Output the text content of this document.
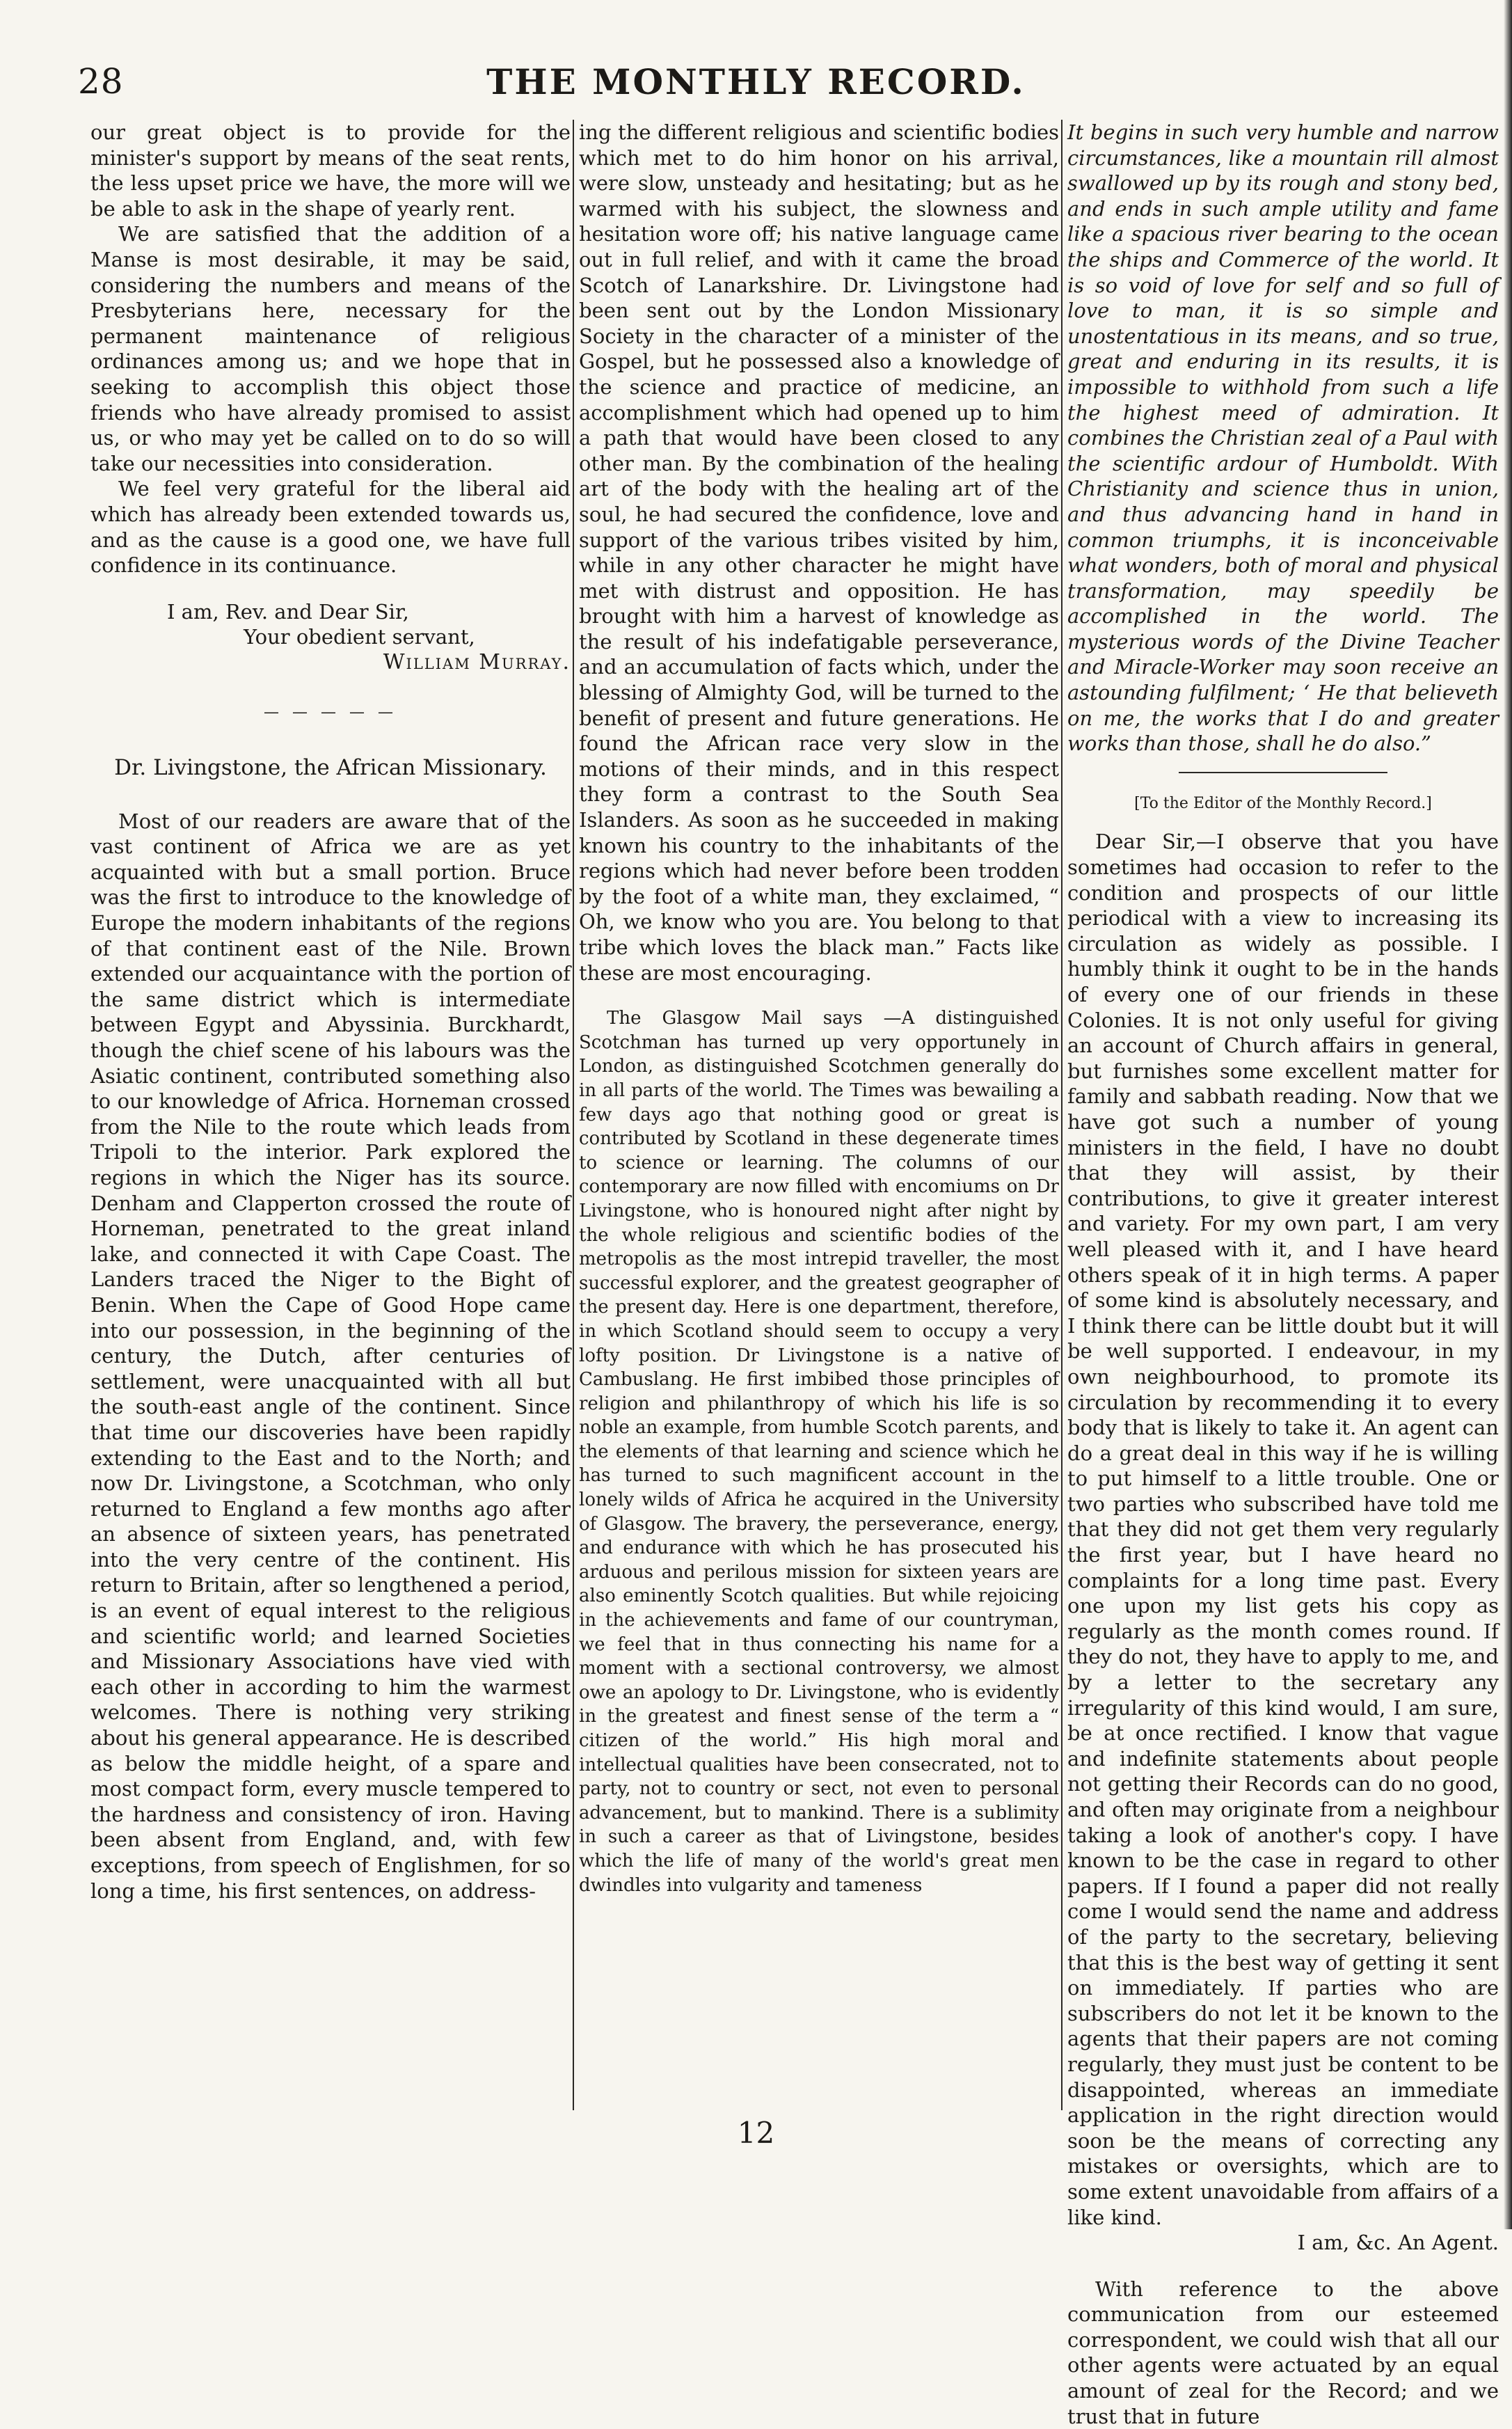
28	THE MONTHLY RECORD.

our great object is to provide for the minister's support by means of the seat rents, the less upset price we have, the more will we be able to ask in the shape of yearly rent.

We are satisfied that the addition of a Manse is most desirable, it may be said, considering the numbers and means of the Presbyterians here, necessary for the permanent maintenance of religious ordinances among us; and we hope that in seeking to accomplish this object those friends who have already promised to assist us, or who may yet be called on to do so will take our necessities into consideration.

We feel very grateful for the liberal aid which has already been extended towards us, and as the cause is a good one, we have full confidence in its continuance.

I am, Rev. and Dear Sir,

Your obedient servant,

William Murray.

— — — — —

Dr. Livingstone, the African Missionary.

Most of our readers are aware that of the vast continent of Africa we are as yet acquainted with but a small portion. Bruce was the first to introduce to the knowledge of Europe the modern inhabitants of the regions of that continent east of the Nile. Brown extended our acquaintance with the portion of the same district which is intermediate between Egypt and Abyssinia. Burckhardt, though the chief scene of his labours was the Asiatic continent, contributed something also to our knowledge of Africa. Horneman crossed from the Nile to the route which leads from Tripoli to the interior. Park explored the regions in which the Niger has its source. Denham and Clapperton crossed the route of Horneman, penetrated to the great inland lake, and connected it with Cape Coast. The Landers traced the Niger to the Bight of Benin. When the Cape of Good Hope came into our possession, in the beginning of the century, the Dutch, after centuries of settlement, were unacquainted with all but the south-east angle of the continent. Since that time our discoveries have been rapidly extending to the East and to the North; and now Dr. Livingstone, a Scotchman, who only returned to England a few months ago after an absence of sixteen years, has penetrated into the very centre of the continent. His return to Britain, after so lengthened a period, is an event of equal interest to the religious and scientific world; and learned Societies and Missionary Associations have vied with each other in according to him the warmest welcomes. There is nothing very striking about his general appearance. He is described as below the middle height, of a spare and most compact form, every muscle tempered to the hardness and consistency of iron. Having been absent from England, and, with few exceptions, from speech of Englishmen, for so long a time, his first sentences, on address-

ing the different religious and scientific bodies which met to do him honor on his arrival, were slow, unsteady and hesitating; but as he warmed with his subject, the slowness and hesitation wore off; his native language came out in full relief, and with it came the broad Scotch of Lanarkshire. Dr. Livingstone had been sent out by the London Missionary Society in the character of a minister of the Gospel, but he possessed also a knowledge of the science and practice of medicine, an accomplishment which had opened up to him a path that would have been closed to any other man. By the combination of the healing art of the body with the healing art of the soul, he had secured the confidence, love and support of the various tribes visited by him, while in any other character he might have met with distrust and opposition. He has brought with him a harvest of knowledge as the result of his indefatigable perseverance, and an accumulation of facts which, under the blessing of Almighty God, will be turned to the benefit of present and future generations. He found the African race very slow in the motions of their minds, and in this respect they form a contrast to the South Sea Islanders. As soon as he succeeded in making known his country to the inhabitants of the regions which had never before been trodden by the foot of a white man, they exclaimed, “ Oh, we know who you are. You belong to that tribe which loves the black man.” Facts like these are most encouraging.

The Glasgow Mail says —A distinguished Scotchman has turned up very opportunely in London, as distinguished Scotchmen generally do in all parts of the world. The Times was bewailing a few days ago that nothing good or great is contributed by Scotland in these degenerate times to science or learning. The columns of our contemporary are now filled with encomiums on Dr Livingstone, who is honoured night after night by the whole religious and scientific bodies of the metropolis as the most intrepid traveller, the most successful explorer, and the greatest geographer of the present day. Here is one department, therefore, in which Scotland should seem to occupy a very lofty position. Dr Livingstone is a native of Cambuslang. He first imbibed those principles of religion and philanthropy of which his life is so noble an example, from humble Scotch parents, and the elements of that learning and science which he has turned to such magnificent account in the lonely wilds of Africa he acquired in the University of Glasgow. The bravery, the perseverance, energy, and endurance with which he has prosecuted his arduous and perilous mission for sixteen years are also eminently Scotch qualities. But while rejoicing in the achievements and fame of our countryman, we feel that in thus connecting his name for a moment with a sectional controversy, we almost owe an apology to Dr. Livingstone, who is evidently in the greatest and finest sense of the term a “ citizen of the world.” His high moral and intellectual qualities have been consecrated, not to party, not to country or sect, not even to personal advancement, but to mankind. There is a sublimity in such a career as that of Livingstone, besides which the life of many of the world's great men dwindles into vulgarity and tameness

It begins in such very humble and narrow circumstances, like a mountain rill almost swallowed up by its rough and stony bed, and ends in such ample utility and fame like a spacious river bearing to the ocean the ships and Commerce of the world. It is so void of love for self and so full of love to man, it is so simple and unostentatious in its means, and so true, great and enduring in its results, it is impossible to withhold from such a life the highest meed of admiration. It combines the Christian zeal of a Paul with the scientific ardour of Humboldt. With Christianity and science thus in union, and thus advancing hand in hand in common triumphs, it is inconceivable what wonders, both of moral and physical transformation, may speedily be accomplished in the world. The mysterious words of the Divine Teacher and Miracle-Worker may soon receive an astounding fulfilment; ‘ He that believeth on me, the works that I do and greater works than those, shall he do also.”

[To the Editor of the Monthly Record.]

Dear Sir,—I observe that you have sometimes had occasion to refer to the condition and prospects of our little periodical with a view to increasing its circulation as widely as possible. I humbly think it ought to be in the hands of every one of our friends in these Colonies. It is not only useful for giving an account of Church affairs in general, but furnishes some excellent matter for family and sabbath reading. Now that we have got such a number of young ministers in the field, I have no doubt that they will assist, by their contributions, to give it greater interest and variety. For my own part, I am very well pleased with it, and I have heard others speak of it in high terms. A paper of some kind is absolutely necessary, and I think there can be little doubt but it will be well supported. I endeavour, in my own neighbourhood, to promote its circulation by recommending it to every body that is likely to take it. An agent can do a great deal in this way if he is willing to put himself to a little trouble. One or two parties who subscribed have told me that they did not get them very regularly the first year, but I have heard no complaints for a long time past. Every one upon my list gets his copy as regularly as the month comes round. If they do not, they have to apply to me, and by a letter to the secretary any irregularity of this kind would, I am sure, be at once rectified. I know that vague and indefinite statements about people not getting their Records can do no good, and often may originate from a neighbour taking a look of another's copy. I have known to be the case in regard to other papers. If I found a paper did not really come I would send the name and address of the party to the secretary, believing that this is the best way of getting it sent on immediately. If parties who are subscribers do not let it be known to the agents that their papers are not coming regularly, they must just be content to be disappointed, whereas an immediate application in the right direction would soon be the means of correcting any mistakes or oversights, which are to some extent unavoidable from affairs of a like kind.

I am, &c. An Agent.

With reference to the above communication from our esteemed correspondent, we could wish that all our other agents were actuated by an equal amount of zeal for the Record; and we trust that in future

12
